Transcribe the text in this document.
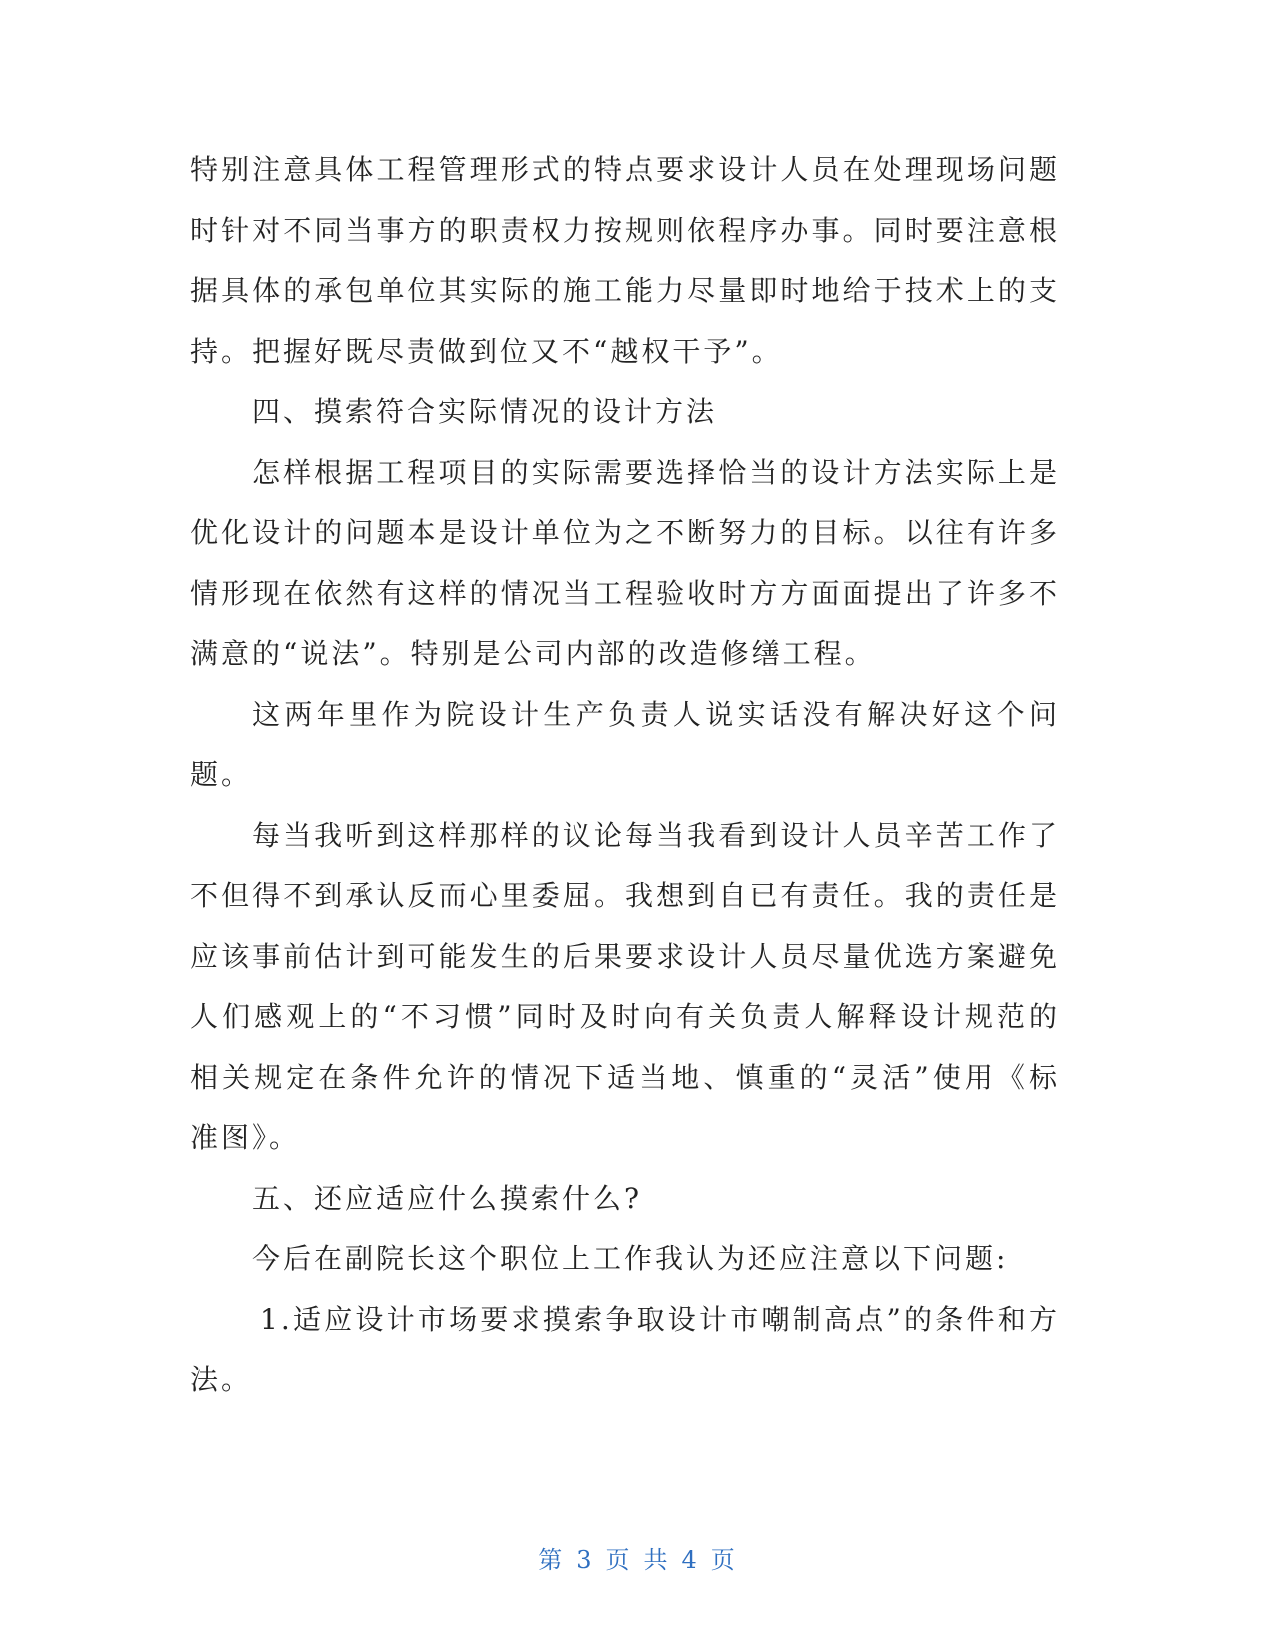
特别注意具体工程管理形式的特点要求设计人员在处理现场问题时针对不同当事方的职责权力按规则依程序办事。同时要注意根据具体的承包单位其实际的施工能力尽量即时地给于技术上的支持。把握好既尽责做到位又不“越权干予”。

四、摸索符合实际情况的设计方法

怎样根据工程项目的实际需要选择恰当的设计方法实际上是优化设计的问题本是设计单位为之不断努力的目标。以往有许多情形现在依然有这样的情况当工程验收时方方面面提出了许多不满意的“说法”。特别是公司内部的改造修缮工程。

这两年里作为院设计生产负责人说实话没有解决好这个问题。

每当我听到这样那样的议论每当我看到设计人员辛苦工作了不但得不到承认反而心里委屈。我想到自已有责任。我的责任是应该事前估计到可能发生的后果要求设计人员尽量优选方案避免人们感观上的“不习惯”同时及时向有关负责人解释设计规范的相关规定在条件允许的情况下适当地、慎重的“灵活”使用《标准图》。

五、还应适应什么摸索什么?

今后在副院长这个职位上工作我认为还应注意以下问题:

1.适应设计市场要求摸索争取设计市嘲制高点”的条件和方法。

第 3 页 共 4 页
